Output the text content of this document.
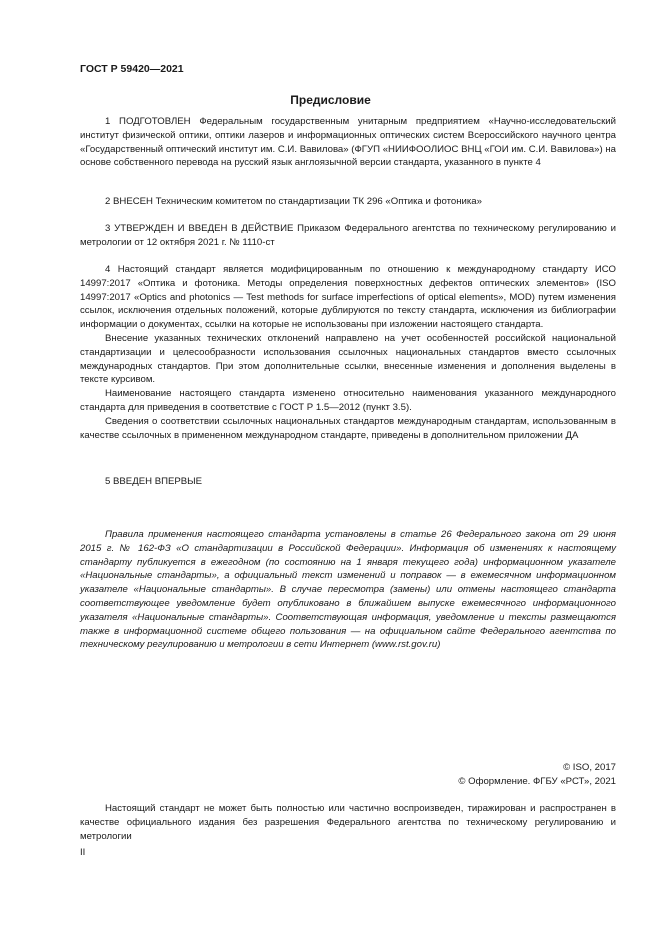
ГОСТ Р 59420—2021
Предисловие

1 ПОДГОТОВЛЕН Федеральным государственным унитарным предприятием «Научно-исследовательский институт физической оптики, оптики лазеров и информационных оптических систем Всероссийского научного центра «Государственный оптический институт им. С.И. Вавилова» (ФГУП «НИИФООЛИОС ВНЦ «ГОИ им. С.И. Вавилова») на основе собственного перевода на русский язык англоязычной версии стандарта, указанного в пункте 4

2 ВНЕСЕН Техническим комитетом по стандартизации ТК 296 «Оптика и фотоника»

3 УТВЕРЖДЕН И ВВЕДЕН В ДЕЙСТВИЕ Приказом Федерального агентства по техническому регулированию и метрологии от 12 октября 2021 г. № 1110-ст

4 Настоящий стандарт является модифицированным по отношению к международному стандарту ИСО 14997:2017 «Оптика и фотоника. Методы определения поверхностных дефектов оптических элементов» (ISO 14997:2017 «Optics and photonics — Test methods for surface imperfections of optical elements», MOD) путем изменения ссылок, исключения отдельных положений, которые дублируются по тексту стандарта, исключения из библиографии информации о документах, ссылки на которые не использованы при изложении настоящего стандарта.

Внесение указанных технических отклонений направлено на учет особенностей российской национальной стандартизации и целесообразности использования ссылочных национальных стандартов вместо ссылочных международных стандартов. При этом дополнительные ссылки, внесенные изменения и дополнения выделены в тексте курсивом.

Наименование настоящего стандарта изменено относительно наименования указанного международного стандарта для приведения в соответствие с ГОСТ Р 1.5—2012 (пункт 3.5).

Сведения о соответствии ссылочных национальных стандартов международным стандартам, использованным в качестве ссылочных в примененном международном стандарте, приведены в дополнительном приложении ДА

5 ВВЕДЕН ВПЕРВЫЕ

Правила применения настоящего стандарта установлены в статье 26 Федерального закона от 29 июня 2015 г. № 162-ФЗ «О стандартизации в Российской Федерации». Информация об изменениях к настоящему стандарту публикуется в ежегодном (по состоянию на 1 января текущего года) информационном указателе «Национальные стандарты», а официальный текст изменений и поправок — в ежемесячном информационном указателе «Национальные стандарты». В случае пересмотра (замены) или отмены настоящего стандарта соответствующее уведомление будет опубликовано в ближайшем выпуске ежемесячного информационного указателя «Национальные стандарты». Соответствующая информация, уведомление и тексты размещаются также в информационной системе общего пользования — на официальном сайте Федерального агентства по техническому регулированию и метрологии в сети Интернет (www.rst.gov.ru)

© ISO, 2017
© Оформление. ФГБУ «РСТ», 2021

Настоящий стандарт не может быть полностью или частично воспроизведен, тиражирован и распространен в качестве официального издания без разрешения Федерального агентства по техническому регулированию и метрологии

II
